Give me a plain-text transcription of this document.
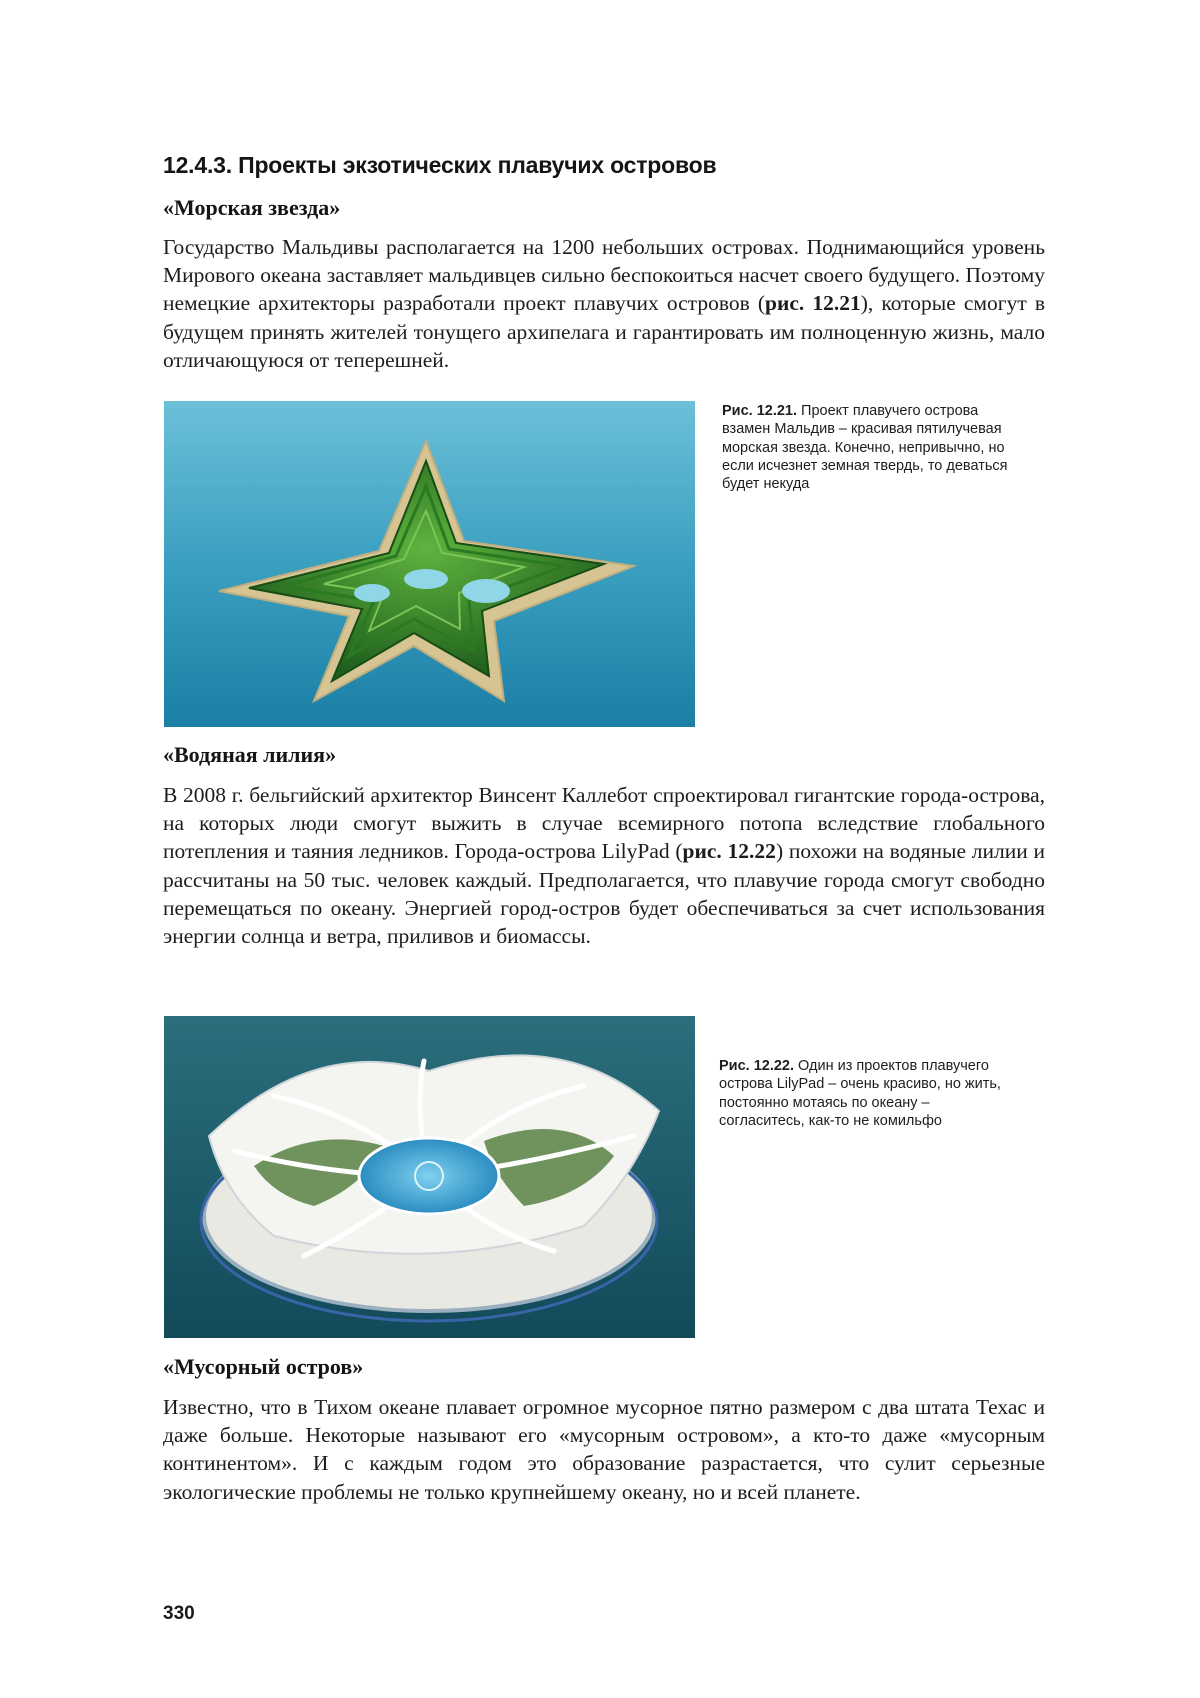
12.4.3. Проекты экзотических плавучих островов
«Морская звезда»

Государство Мальдивы располагается на 1200 небольших островах. Поднимающийся уровень Мирового океана заставляет мальдивцев сильно беспокоиться насчет своего будущего. Поэтому немецкие архитекторы разработали проект плавучих островов (рис. 12.21), которые смогут в будущем принять жителей тонущего архипелага и гарантировать им полноценную жизнь, мало отличающуюся от теперешней.

Рис. 12.21. Проект плавучего острова взамен Мальдив – красивая пятилучевая морская звезда. Конечно, непривычно, но если исчезнет земная твердь, то деваться будет некуда
«Водяная лилия»

В 2008 г. бельгийский архитектор Винсент Каллебот спроектировал гигантские города-острова, на которых люди смогут выжить в случае всемирного потопа вследствие глобального потепления и таяния ледников. Города-острова LilyPad (рис. 12.22) похожи на водяные лилии и рассчитаны на 50 тыс. человек каждый. Предполагается, что плавучие города смогут свободно перемещаться по океану. Энергией город-остров будет обеспечиваться за счет использования энергии солнца и ветра, приливов и биомассы.

Рис. 12.22. Один из проектов плавучего острова LilyPad – очень красиво, но жить, постоянно мотаясь по океану – согласитесь, как-то не комильфо
«Мусорный остров»

Известно, что в Тихом океане плавает огромное мусорное пятно размером с два штата Техас и даже больше. Некоторые называют его «мусорным островом», а кто-то даже «мусорным континентом». И с каждым годом это образование разрастается, что сулит серьезные экологические проблемы не только крупнейшему океану, но и всей планете.

330
